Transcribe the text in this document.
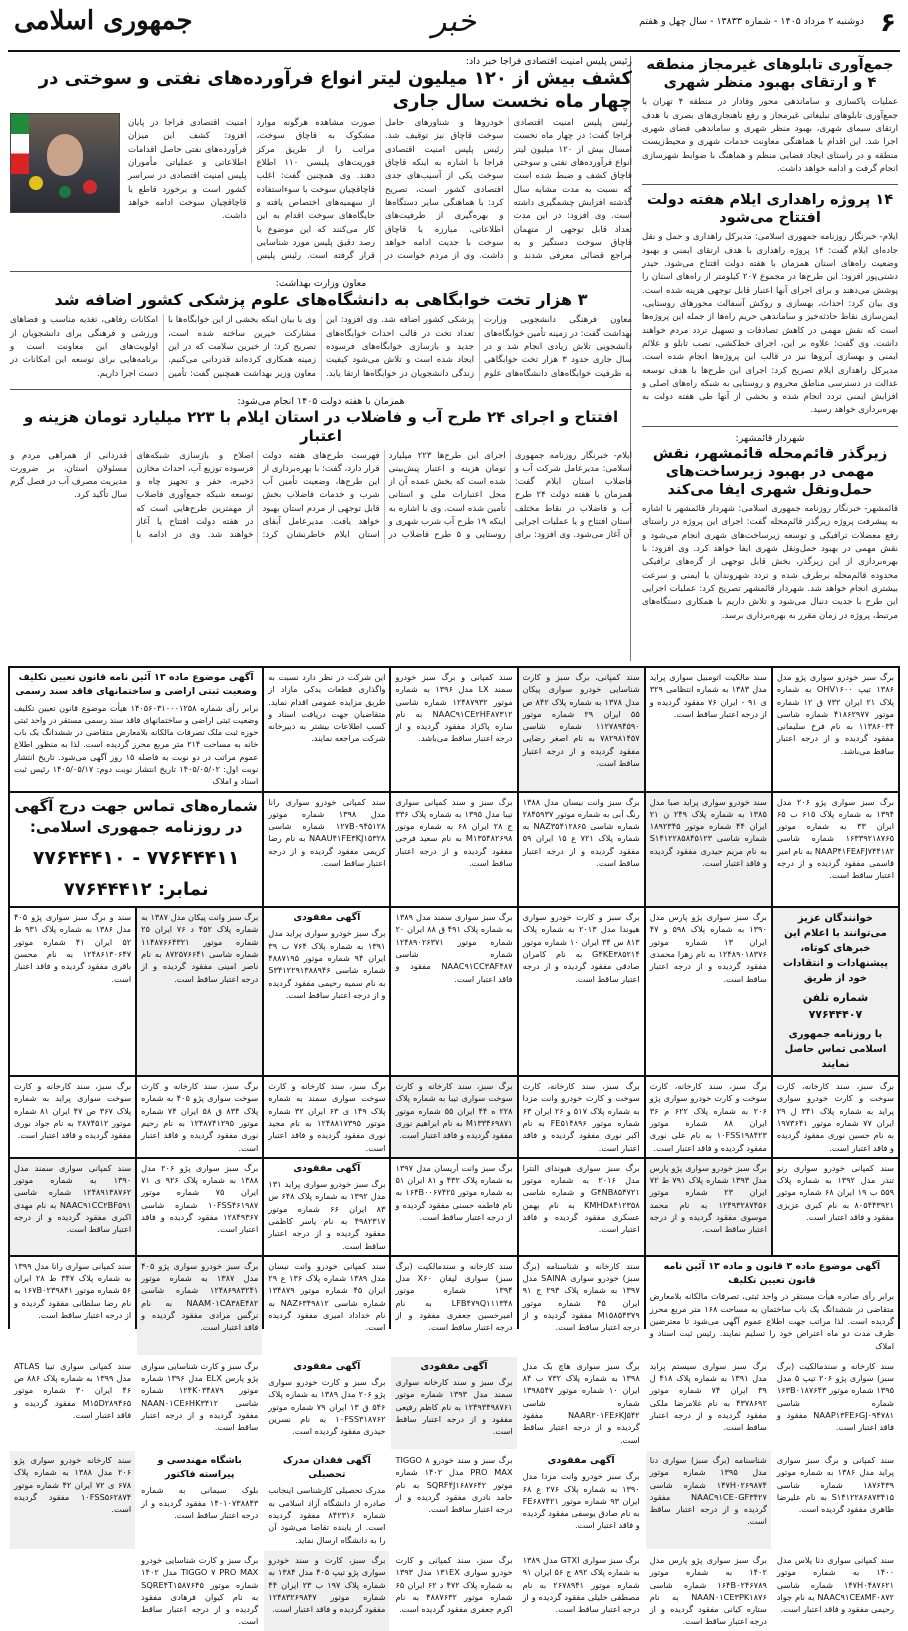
۶
دوشنبه ۲ مرداد ۱۴۰۵ - شماره ۱۳۸۳۳ - سال چهل و هفتم
خبر
جمهوری اسلامی
جمع‌آوری تابلوهای غیرمجاز منطقه ۴ و ارتقای بهبود منظر شهری
عملیات پاکسازی و ساماندهی محور وفادار در منطقه ۴ تهران با جمع‌آوری تابلوهای تبلیغاتی غیرمجاز و رفع ناهنجاری‌های بصری با هدف ارتقای سیمای شهری، بهبود منظر شهری و ساماندهی فضای شهری اجرا شد. این اقدام با هماهنگی معاونت خدمات شهری و محیط‌زیست منطقه و در راستای ایجاد فضایی منظم و هماهنگ با ضوابط شهرسازی انجام گرفت و ادامه خواهد داشت.
۱۴ پروژه راهداری ایلام هفته دولت افتتاح می‌شود
ایلام- خبرنگار روزنامه جمهوری اسلامی: مدیرکل راهداری و حمل و نقل جاده‌ای ایلام گفت: ۱۴ پروژه راهداری با هدف ارتقای ایمنی و بهبود وضعیت راه‌های استان همزمان با هفته دولت افتتاح می‌شود. حیدر دشتی‌پور افزود: این طرح‌ها در مجموع ۲۰۷ کیلومتر از راه‌های استان را پوشش می‌دهند و برای اجرای آنها اعتبار قابل توجهی هزینه شده است. وی بیان کرد: احداث، بهسازی و روکش آسفالت محورهای روستایی، ایمن‌سازی نقاط حادثه‌خیز و ساماندهی حریم راه‌ها از جمله این پروژه‌ها است که نقش مهمی در کاهش تصادفات و تسهیل تردد مردم خواهند داشت. وی گفت: علاوه بر این، اجرای خط‌کشی، نصب تابلو و علائم ایمنی و بهسازی آبروها نیز در قالب این پروژه‌ها انجام شده است. مدیرکل راهداری ایلام تصریح کرد: اجرای این طرح‌ها با هدف توسعه عدالت در دسترسی مناطق محروم و روستایی به شبکه راه‌های اصلی و افزایش ایمنی تردد انجام شده و بخشی از آنها طی هفته دولت به بهره‌برداری خواهد رسید.
شهردار قائمشهر:
زیرگذر قائم‌محله قائمشهر، نقش مهمی در بهبود زیرساخت‌های حمل‌ونقل شهری ایفا می‌کند
قائمشهر- خبرنگار روزنامه جمهوری اسلامی: شهردار قائمشهر با اشاره به پیشرفت پروژه زیرگذر قائم‌محله گفت: اجرای این پروژه در راستای رفع معضلات ترافیکی و توسعه زیرساخت‌های شهری انجام می‌شود و نقش مهمی در بهبود حمل‌ونقل شهری ایفا خواهد کرد. وی افزود: با بهره‌برداری از این زیرگذر، بخش قابل توجهی از گره‌های ترافیکی محدوده قائم‌محله برطرف شده و تردد شهروندان با ایمنی و سرعت بیشتری انجام خواهد شد. شهردار قائمشهر تصریح کرد: عملیات اجرایی این طرح با جدیت دنبال می‌شود و تلاش داریم با همکاری دستگاه‌های مرتبط، پروژه در زمان مقرر به بهره‌برداری برسد.
رئیس پلیس امنیت اقتصادی فراجا خبر داد:
کشف بیش از ۱۲۰ میلیون لیتر انواع فرآورده‌های نفتی و سوختی در چهار ماه نخست سال جاری
رئیس پلیس امنیت اقتصادی فراجا گفت: در چهار ماه نخست امسال بیش از ۱۲۰ میلیون لیتر انواع فرآورده‌های نفتی و سوختی قاچاق کشف و ضبط شده است که نسبت به مدت مشابه سال گذشته افزایش چشمگیری داشته است. وی افزود: در این مدت تعداد قابل توجهی از متهمان قاچاق سوخت دستگیر و به مراجع قضائی معرفی شدند و خودروها و شناورهای حامل سوخت قاچاق نیز توقیف شد. رئیس پلیس امنیت اقتصادی فراجا با اشاره به اینکه قاچاق سوخت یکی از آسیب‌های جدی اقتصادی کشور است، تصریح کرد: با هماهنگی سایر دستگاه‌ها و بهره‌گیری از ظرفیت‌های اطلاعاتی، مبارزه با قاچاق سوخت با جدیت ادامه خواهد داشت. وی از مردم خواست در صورت مشاهده هرگونه موارد مشکوک به قاچاق سوخت، مراتب را از طریق مرکز فوریت‌های پلیسی ۱۱۰ اطلاع دهند. وی همچنین گفت: اغلب قاچاقچیان سوخت با سوءاستفاده از سهمیه‌های اختصاص یافته و جایگاه‌های سوخت اقدام به این کار می‌کنند که این موضوع با رصد دقیق پلیس مورد شناسایی قرار گرفته است. رئیس پلیس امنیت اقتصادی فراجا در پایان افزود: کشف این میزان فرآورده‌های نفتی حاصل اقدامات اطلاعاتی و عملیاتی مأموران پلیس امنیت اقتصادی در سراسر کشور است و برخورد قاطع با قاچاقچیان سوخت ادامه خواهد داشت.
معاون وزارت بهداشت:
۳ هزار تخت خوابگاهی به دانشگاه‌های علوم پزشکی کشور اضافه شد
معاون فرهنگی دانشجویی وزارت بهداشت گفت: در زمینه تأمین خوابگاه‌های دانشجویی تلاش زیادی انجام شد و در سال جاری حدود ۳ هزار تخت خوابگاهی به ظرفیت خوابگاه‌های دانشگاه‌های علوم پزشکی کشور اضافه شد. وی افزود: این تعداد تخت در قالب احداث خوابگاه‌های جدید و بازسازی خوابگاه‌های فرسوده ایجاد شده است و تلاش می‌شود کیفیت زندگی دانشجویان در خوابگاه‌ها ارتقا یابد. وی با بیان اینکه بخشی از این خوابگاه‌ها با مشارکت خیرین ساخته شده است، تصریح کرد: از خیرین سلامت که در این زمینه همکاری کرده‌اند قدردانی می‌کنیم. معاون وزیر بهداشت همچنین گفت: تأمین امکانات رفاهی، تغذیه مناسب و فضاهای ورزشی و فرهنگی برای دانشجویان از اولویت‌های این معاونت است و برنامه‌هایی برای توسعه این امکانات در دست اجرا داریم.
همزمان با هفته دولت ۱۴۰۵ انجام می‌شود:
افتتاح و اجرای ۲۴ طرح آب و فاضلاب در استان ایلام با ۲۲۳ میلیارد تومان هزینه و اعتبار
ایلام- خبرنگار روزنامه جمهوری اسلامی: مدیرعامل شرکت آب و فاضلاب استان ایلام گفت: همزمان با هفته دولت ۲۴ طرح آب و فاضلاب در نقاط مختلف استان افتتاح و یا عملیات اجرایی آن آغاز می‌شود. وی افزود: برای اجرای این طرح‌ها ۲۲۳ میلیارد تومان هزینه و اعتبار پیش‌بینی شده است که بخش عمده آن از محل اعتبارات ملی و استانی تأمین شده است. وی با اشاره به اینکه ۱۹ طرح آب شرب شهری و روستایی و ۵ طرح فاضلاب در فهرست طرح‌های هفته دولت قرار دارد، گفت: با بهره‌برداری از این طرح‌ها، وضعیت تأمین آب شرب و خدمات فاضلاب بخش قابل توجهی از مردم استان بهبود خواهد یافت. مدیرعامل آبفای استان ایلام خاطرنشان کرد: اصلاح و بازسازی شبکه‌های فرسوده توزیع آب، احداث مخازن ذخیره، حفر و تجهیز چاه و توسعه شبکه جمع‌آوری فاضلاب از مهمترین طرح‌هایی است که در هفته دولت افتتاح یا آغاز خواهند شد. وی در ادامه با قدردانی از همراهی مردم و مسئولان استان، بر ضرورت مدیریت مصرف آب در فصل گرم سال تأکید کرد.
برگ سبز خودرو سواری پژو مدل ۱۳۸۶ تیپ OHV۱۶۰۰ به شماره پلاک ۲۱ ایران ۷۳۲ ق ۱۲ شماره موتور ۴۱۸۶۲۹۷۷ شماره شاسی ۱۱۳۸۶۰۳۴ به نام فرخ سلیمانی مفقود گردیده و از درجه اعتبار ساقط می‌باشد.
سند مالکیت اتومبیل سواری پراید مدل ۱۳۸۳ به شماره انتظامی ۳۲۹ ی ۹۱ - ایران ۷۶ مفقود گردیده و از درجه اعتبار ساقط است.
سند کمپانی، برگ سبز و کارت شناسایی خودرو سواری پیکان مدل ۱۳۷۸ به شماره پلاک ۸۴۲ ص ۵۵ ایران ۲۹ شماره موتور ۱۱۲۷۸۹۴۵۹۰ شماره شاسی ۷۸۲۹۸۱۴۵۷ به نام اصغر رضایی مفقود گردیده و از درجه اعتبار ساقط است.
سند کمپانی و برگ سبز خودرو سمند LX مدل ۱۳۹۶ به شماره موتور ۱۲۴۸۷۹۳۲ شماره شاسی NAAC۹۱CE۲HF۸۷۳۱۲ به نام ساره پاکزاد مفقود گردیده و از درجه اعتبار ساقط می‌باشد.
این شرکت در نظر دارد نسبت به واگذاری قطعات یدکی مازاد از طریق مزایده عمومی اقدام نماید. متقاضیان جهت دریافت اسناد و کسب اطلاعات بیشتر به دبیرخانه شرکت مراجعه نمایند.
آگهی موضوع ماده ۱۳ آئین نامه قانون تعیین تکلیف وضعیت ثبتی اراضی و ساختمانهای فاقد سند رسمی
برابر رأی شماره ۱۴۰۵۶۰۳۱۰۰۰۱۲۵۸ هیأت موضوع قانون تعیین تکلیف وضعیت ثبتی اراضی و ساختمانهای فاقد سند رسمی مستقر در واحد ثبتی حوزه ثبت ملک تصرفات مالکانه بلامعارض متقاضی در ششدانگ یک باب خانه به مساحت ۲۱۴ متر مربع محرز گردیده است. لذا به منظور اطلاع عموم مراتب در دو نوبت به فاصله ۱۵ روز آگهی می‌شود. تاریخ انتشار نوبت اول: ۱۴۰۵/۰۵/۰۲ تاریخ انتشار نوبت دوم: ۱۴۰۵/۰۵/۱۷ رئیس ثبت اسناد و املاک
برگ سبز سواری پژو ۲۰۶ مدل ۱۳۹۴ به شماره پلاک ۶۱۵ ب ۶۵ ایران ۳۳ به شماره موتور ۱۶۳۳۹۲۱۸۷۶۵ شماره شاسی NAAP۴۱FE۸FJ۷۴۴۱۸۲ به نام امیر قاسمی مفقود گردیده و از درجه اعتبار ساقط است.
سند خودرو سواری پراید صبا مدل ۱۳۸۵ به شماره پلاک ۲۴۹ ن ۲۱ ایران ۴۴ شماره موتور ۱۸۹۲۳۴۵ شماره شاسی S۱۴۱۲۲۸۵۸۴۵۱۲۳ به نام مریم حیدری مفقود گردیده و فاقد اعتبار است.
برگ سبز وانت نیسان مدل ۱۳۸۸ رنگ آبی به شماره موتور ۲۸۴۵۹۳۷ شماره شاسی NAZ۳۵۴۱۲۸۶۵ به شماره پلاک ۷۲۱ ع ۱۵ ایران ۵۹ مفقود گردیده و از درجه اعتبار ساقط است.
برگ سبز و سند کمپانی سواری تیبا مدل ۱۳۹۵ به شماره پلاک ۳۳۶ ج ۲۸ ایران ۶۸ به شماره موتور M۱۳۵۴۸۲۶۹۸ به نام سعید فرجی مفقود گردیده و از درجه اعتبار ساقط است.
سند کمپانی خودرو سواری رانا مدل ۱۳۹۸ شماره موتور ۱۲۷B۰۹۴۵۱۲۸ شماره شاسی NAAU۴۱FE۳KJ۱۵۳۲۸ به نام رضا کریمی مفقود گردیده و از درجه اعتبار ساقط است.
شماره‌های تماس جهت درج آگهی در روزنامه جمهوری اسلامی:
۷۷۶۴۴۴۱۱ - ۷۷۶۴۴۴۱۰
نمابر: ۷۷۶۴۴۴۱۲
خوانندگان عزیز می‌توانند با اعلام این خبرهای کوتاه، پیشنهادات و انتقادات خود از طریق
شماره تلفن ۷۷۶۴۴۴۰۷
با روزنامه جمهوری اسلامی تماس حاصل نمایند
برگ سبز سواری پژو پارس مدل ۱۳۹۰ به شماره پلاک ۵۹۸ و ۴۷ ایران ۱۳ شماره موتور ۱۲۴۸۹۰۱۸۳۷۶ به نام زهرا محمدی مفقود گردیده و از درجه اعتبار ساقط است.
برگ سبز و کارت خودرو سواری هیوندا مدل ۲۰۱۳ به شماره پلاک ۸۱۳ س ۳۴ ایران ۱۰ شماره موتور G۴KE۳۸۵۲۱۴ به نام کامران صادقی مفقود گردیده و از درجه اعتبار ساقط است.
برگ سبز سواری سمند مدل ۱۳۸۹ به شماره پلاک ۴۹۱ ق ۸۸ ایران ۲۰ شماره موتور ۱۲۴۸۹۰۲۶۳۷۱ شماره شاسی NAAC۹۱CC۳AF۴۸۷ مفقود و فاقد اعتبار است.
آگهی مفقودی
برگ سبز خودرو سواری پراید مدل ۱۳۹۱ به شماره پلاک ۷۶۴ ب ۳۹ ایران ۹۴ شماره موتور ۴۸۸۷۱۹۵ شماره شاسی S۳۴۱۲۲۹۱۳۸۸۹۴۶ به نام سمیه رحیمی مفقود گردیده و از درجه اعتبار ساقط است.
برگ سبز وانت پیکان مدل ۱۳۸۷ به شماره پلاک ۴۵۲ د ۷۶ ایران ۲۵ شماره موتور ۱۱۴۸۷۶۶۴۳۲۱ شماره شاسی ۸۷۲۵۷۶۶۴۱ به نام ناصر امینی مفقود گردیده و از درجه اعتبار ساقط است.
سند و برگ سبز سواری پژو ۴۰۵ مدل ۱۳۸۶ به شماره پلاک ۹۳۱ ط ۵۲ ایران ۴۱ شماره موتور ۱۲۴۸۶۱۳۰۶۴۷ به نام محسن باقری مفقود گردیده و فاقد اعتبار است.
برگ سبز، سند کارخانه، کارت سوخت و کارت خودرو سواری پراید به شماره پلاک ۳۴۱ ل ۲۹ ایران ۷۷ شماره موتور ۱۹۷۳۶۴۱ به نام حسین نوری مفقود گردیده و فاقد اعتبار است.
برگ سبز، سند کارخانه، کارت سوخت و کارت خودرو سواری پژو ۲۰۶ به شماره پلاک ۶۲۲ م ۳۶ ایران ۸۸ شماره موتور ۱۰FSS۱۹۸۴۲۳ به نام علی نوری مفقود گردیده و فاقد اعتبار است.
برگ سبز، سند کارخانه، کارت سوخت و کارت خودرو وانت مزدا به شماره پلاک ۵۱۷ و ۲۶ ایران ۶۳ شماره موتور FE۵۱۴۸۹۶ به نام اکبر نوری مفقود گردیده و فاقد اعتبار است.
برگ سبز، سند کارخانه و کارت سوخت سواری تیبا به شماره پلاک ۲۲۸ ه ۴۴ ایران ۵۵ شماره موتور M۱۳۳۴۶۹۸۷۱ به نام ابراهیم نوری مفقود گردیده و فاقد اعتبار است.
برگ سبز، سند کارخانه و کارت سوخت سواری سمند به شماره پلاک ۱۴۹ ی ۶۳ ایران ۳۲ شماره موتور ۱۲۴۸۸۱۷۳۹۵ به نام مجید نوری مفقود گردیده و فاقد اعتبار است.
برگ سبز، سند کارخانه و کارت سوخت سواری پژو ۴۰۵ به شماره پلاک ۸۳۴ ق ۵۸ ایران ۷۴ شماره موتور ۱۲۴۸۷۴۱۲۹۵ به نام رحیم نوری مفقود گردیده و فاقد اعتبار است.
برگ سبز، سند کارخانه و کارت سوخت سواری پراید به شماره پلاک ۳۶۷ ص ۴۷ ایران ۸۱ شماره موتور ۲۸۷۴۵۱۲ به نام جواد نوری مفقود گردیده و فاقد اعتبار است.
سند کمپانی خودرو سواری رنو تندر مدل ۱۳۹۲ به شماره پلاک ۵۵۹ ب ۱۹ ایران ۶۸ شماره موتور ۸۰۵۴۴۳۹۲۱ به نام کبری عزیزی مفقود و فاقد اعتبار است.
برگ سبز خودرو سواری پژو پارس مدل ۱۳۹۳ شماره پلاک ۷۹۱ ط ۷۲ ایران ۲۳ شماره موتور ۱۲۴۹۳۲۸۷۴۵۶ به نام محمد موسوی مفقود گردیده و از درجه اعتبار ساقط است.
برگ سبز سواری هیوندای النترا مدل ۲۰۱۶ به شماره موتور G۴NB۸۵۴۷۲۱ و شماره شاسی KMHD۸۴۱۲۳۵۸ به نام بهمن عسکری مفقود گردیده و فاقد اعتبار است.
برگ سبز وانت آریسان مدل ۱۳۹۷ به شماره پلاک ۴۳۲ و ۸۱ ایران ۵۱ به شماره موتور ۱۶۴B۰۰۶۷۴۲۵ به نام فاطمه حسنی مفقود گردیده و از درجه اعتبار ساقط است.
آگهی مفقودی
برگ سبز خودرو سواری پراید ۱۳۱ مدل ۱۳۹۲ به شماره پلاک ۶۴۸ س ۸۳ ایران ۶۶ شماره موتور ۴۹۸۲۳۱۷ به نام یاسر کاظمی مفقود گردیده و از درجه اعتبار ساقط است.
برگ سبز سواری پژو ۲۰۶ مدل ۱۳۸۸ به شماره پلاک ۹۲۶ ی ۷۱ ایران ۷۵ شماره موتور ۱۰FSS۴۶۱۹۸۷ شماره شاسی ۱۲۸۴۹۳۶۷ مفقود گردیده و فاقد اعتبار است.
سند کمپانی سواری سمند مدل ۱۳۹۰ به شماره موتور ۱۲۴۸۹۱۳۸۷۶۲ شماره شاسی NAAC۹۱CC۲BF۵۹۱ به نام مهدی اکبری مفقود گردیده و از درجه اعتبار ساقط است.
آگهی موضوع ماده ۳ قانون و ماده ۱۳ آئین نامه قانون تعیین تکلیف
برابر رأی صادره هیأت مستقر در واحد ثبتی، تصرفات مالکانه بلامعارض متقاضی در ششدانگ یک باب ساختمان به مساحت ۱۶۸ متر مربع محرز گردیده است. لذا مراتب جهت اطلاع عموم آگهی می‌شود تا معترضین ظرف مدت دو ماه اعتراض خود را تسلیم نمایند. رئیس ثبت اسناد و املاک
سند کارخانه و شناسنامه (برگ سبز) خودرو سواری SAINA مدل ۱۳۹۷ به شماره پلاک ۲۹۳ ج ۹۱ ایران ۴۵ شماره موتور M۱۵۸۵۴۳۷۹ مفقود گردیده و از درجه اعتبار ساقط است.
سند کارخانه و سندمالکیت (برگ سبز) سواری لیفان X۶۰ مدل ۱۳۹۴ شماره موتور LFB۴۷۹Q۱۱۱۳۴۸ به نام امیرحسین جعفری مفقود و از درجه اعتبار ساقط است.
سند کمپانی خودرو وانت نیسان مدل ۱۳۸۹ شماره پلاک ۱۳۶ ع ۲۹ ایران ۴۵ شماره موتور ۱۳۴۸۷۹ شماره شاسی NAZ۶۳۴۹۸۱۲ به نام خداداد امیری مفقود گردیده است.
برگ سبز خودرو سواری پژو ۴۰۵ مدل ۱۳۸۷ به شماره موتور ۱۲۴۸۶۹۸۳۲۴۱ شماره شاسی NAAM۰۱CA۳۸E۴۸۲ به نام نرگس مرادی مفقود گردیده و فاقد اعتبار است.
سند کمپانی سواری رانا مدل ۱۳۹۹ به شماره پلاک ۳۴۷ ط ۲۸ ایران ۵۶ شماره موتور ۱۶۷B۰۲۳۹۸۴۱ به نام رضا سلطانی مفقود گردیده و از درجه اعتبار ساقط است.
سند کارخانه و سندمالکیت (برگ سبز) سواری پژو ۲۰۶ تیپ ۵ مدل ۱۳۹۵ شماره موتور ۱۶۳B۰۱۸۷۶۴۳ شماره شاسی NAAP۱۳FE۶GJ۰۹۴۷۸۱ مفقود و فاقد اعتبار است.
برگ سبز سواری سیستم پراید مدل ۱۳۹۱ به شماره پلاک ۴۱۸ ل ۳۹ ایران ۷۴ شماره موتور ۴۳۷۸۶۹۲ به نام غلامرضا ملکی مفقود گردیده و از درجه اعتبار ساقط است.
برگ سبز سواری هاچ بک مدل ۱۳۹۸ به شماره پلاک ۷۳۲ ب ۸۴ ایران ۱۰ شماره موتور ۱۳۹۸۵۴۷ شماره شاسی NAAR۲۰۱FE۶KJ۵۴۲ مفقود گردیده و از درجه اعتبار ساقط است.
آگهی مفقودی
برگ سبز و سند کارخانه سواری سمند مدل ۱۳۹۳ شماره موتور ۱۲۴۹۳۴۹۸۷۶۱ به نام کاظم رفیعی مفقود و از درجه اعتبار ساقط است.
آگهی مفقودی
برگ سبز و کارت خودرو سواری پژو ۲۰۶ مدل ۱۳۸۹ به شماره پلاک ۵۴۶ ق ۱۳ ایران ۷۹ شماره موتور ۱۰FSS۳۱۸۷۶۲ به نام نسرین حیدری مفقود گردیده است.
برگ سبز و کارت شناسایی سواری پژو پارس ELX مدل ۱۳۹۶ شماره موتور ۱۲۴K۰۳۴۸۷۹ شماره شاسی NAAN۰۱CE۶HK۳۴۱۲ مفقود گردیده و از درجه اعتبار ساقط است.
سند کمپانی سواری تیبا ATLAS مدل ۱۳۹۹ به شماره پلاک ۸۸۶ ص ۴۶ ایران ۳۰ شماره موتور M۱۵D۲۸۹۴۶۵ مفقود گردیده و فاقد اعتبار است.
سند کمپانی و برگ سبز سواری پراید مدل ۱۳۸۶ به شماره موتور ۱۸۷۶۴۳۹ شماره شاسی S۱۴۱۲۲۸۶۸۷۳۴۱۵ به نام علیرضا طاهری مفقود گردیده است.
شناسنامه (برگ سبز) سواری دنا مدل ۱۳۹۵ شماره موتور ۱۴۷H۰۲۶۹۸۷۴ شماره شاسی NAAC۹۱CE۰GF۳۴۲۷ مفقود گردیده و از درجه اعتبار ساقط است.
آگهی مفقودی
برگ سبز خودرو وانت مزدا مدل ۱۳۹۰ به شماره پلاک ۲۷۶ ع ۶۸ ایران ۹۳ شماره موتور FE۶۸۷۴۲۱ به نام صادق یوسفی مفقود گردیده و فاقد اعتبار است.
برگ سبز و سند خودرو TIGGO ۸ PRO MAX مدل ۱۴۰۲ شماره موتور SQRF۴J۱۶۸۷۶۴۲ به نام حامد نادری مفقود گردیده و از درجه اعتبار ساقط است.
آگهی فقدان مدرک تحصیلی
مدرک تحصیلی کارشناسی اینجانب صادره از دانشگاه آزاد اسلامی به شماره ۸۴۲۳۱۶ مفقود گردیده است. از یابنده تقاضا می‌شود آن را به دانشگاه ارسال نماید.
باشگاه مهندسی و پیراسته فاکتور
بلوک سیمانی به شماره ۱۴۰۱۰۷۳۸۸۴۳ مفقود گردیده و از درجه اعتبار ساقط است.
سند کارخانه خودرو سواری پژو ۲۰۶ مدل ۱۳۸۸ به شماره پلاک ۶۷۸ ی ۷۲ ایران ۴۲ شماره موتور ۱۰FSS۵۶۲۸۷۴ مفقود گردیده است.
سند کمپانی سواری دنا پلاس مدل ۱۴۰۰ به شماره موتور ۱۴۷H۰۴۸۷۶۲۱ شماره شاسی NAAC۹۱CE۸MF۰۸۷۲ به نام جواد رحیمی مفقود و فاقد اعتبار است.
برگ سبز سواری پژو پارس مدل ۱۴۰۲ به شماره موتور ۱۶۴B۰۲۴۶۷۸۹ شماره شاسی NAAN۰۱CE۳PK۱۸۷۶ به نام ستاره کیانی مفقود گردیده و از درجه اعتبار ساقط است.
برگ سبز سواری GTXI مدل ۱۳۸۹ به شماره پلاک ۸۹۲ ج ۵۶ ایران ۹۱ شماره موتور ۲۶۷۸۹۴۱ به نام مصطفی خلیلی مفقود گردیده و از درجه اعتبار ساقط است.
برگ سبز، سند کمپانی و کارت خودرو سواری ۱۳۱EX مدل ۱۳۹۳ به شماره پلاک ۴۷۲ د ۶۲ ایران ۶۵ شماره موتور ۴۸۸۷۶۳۲ به نام اکرم جعفری مفقود گردیده است.
برگ سبز، کارت و سند خودرو سواری پژو تیپ ۴۰۵ مدل ۱۳۸۴ به شماره پلاک ۱۹۷ ب ۲۳ ایران ۴۴ شماره موتور ۱۲۴۸۳۲۶۹۸۴۷ مفقود گردیده و فاقد اعتبار است.
برگ سبز و کارت شناسایی خودرو TIGGO ۷ PRO MAX مدل ۱۴۰۲ شماره موتور SQRE۴T۱۵۸۷۶۴۵ به نام کیوان فرهادی مفقود گردیده و از درجه اعتبار ساقط است.
